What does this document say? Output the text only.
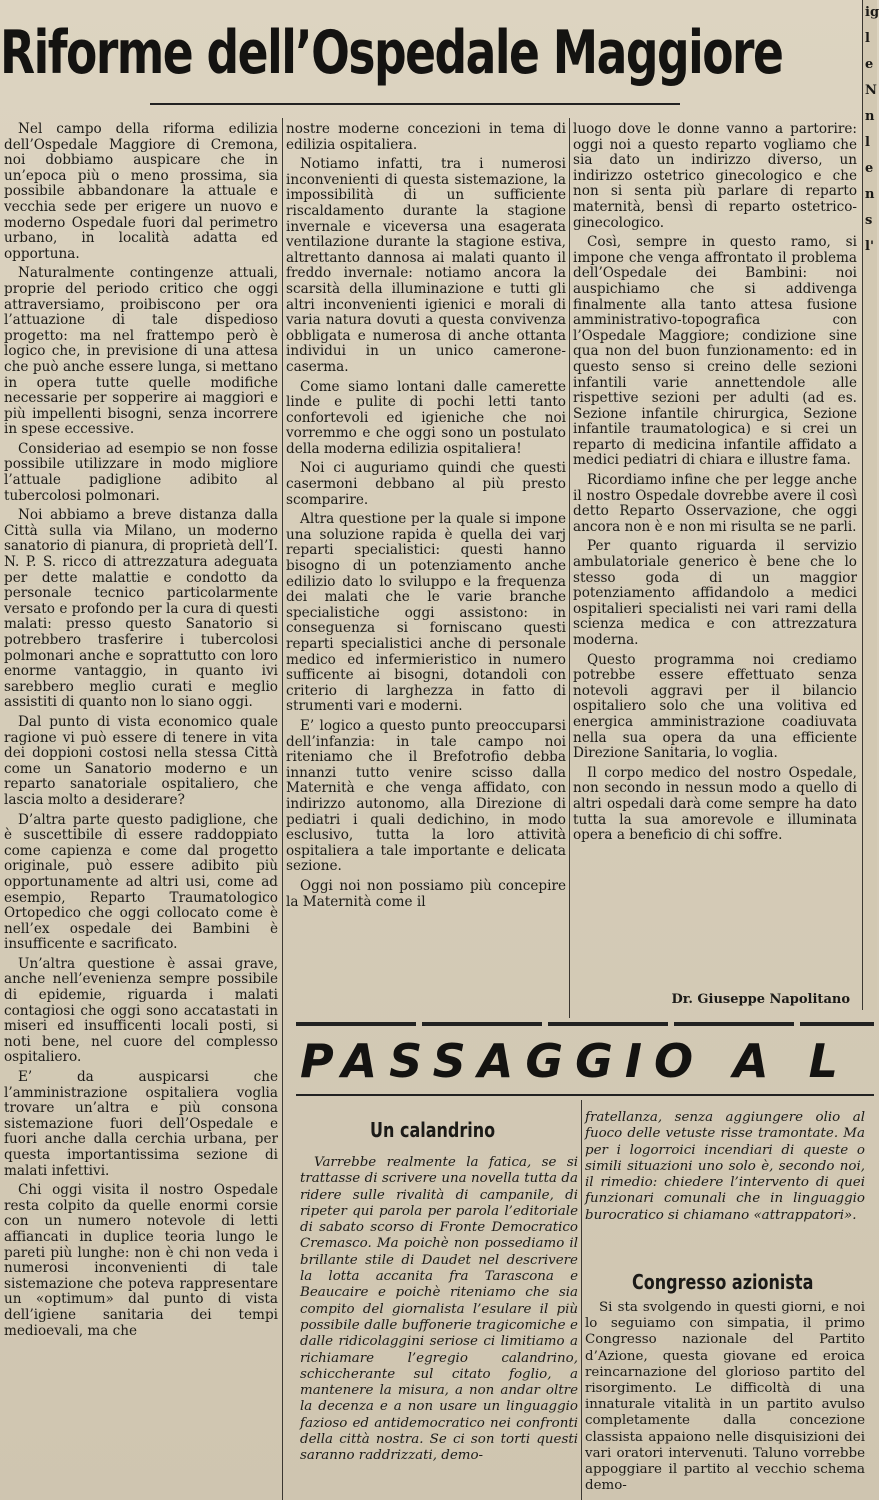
Riforme dell’Ospedale Maggiore

Nel campo della riforma edilizia dell’Ospedale Maggiore di Cremona, noi dobbiamo auspicare che in un’epoca più o meno prossima, sia possibile abbandonare la attuale e vecchia sede per erigere un nuovo e moderno Ospedale fuori dal perimetro urbano, in località adatta ed opportuna.

Naturalmente contingenze attuali, proprie del periodo critico che oggi attraversiamo, proibiscono per ora l’attuazione di tale dispedioso progetto: ma nel frattempo però è logico che, in previsione di una attesa che può anche essere lunga, si mettano in opera tutte quelle modifiche necessarie per sopperire ai maggiori e più impellenti bisogni, senza incorrere in spese eccessive.

Consideriao ad esempio se non fosse possibile utilizzare in modo migliore l’attuale padiglione adibito al tubercolosi polmonari.

Noi abbiamo a breve distanza dalla Città sulla via Milano, un moderno sanatorio di pianura, di proprietà dell’I. N. P. S. ricco di attrezzatura adeguata per dette malattie e condotto da personale tecnico particolarmente versato e profondo per la cura di questi malati: presso questo Sanatorio si potrebbero trasferire i tubercolosi polmonari anche e soprattutto con loro enorme vantaggio, in quanto ivi sarebbero meglio curati e meglio assistiti di quanto non lo siano oggi.

Dal punto di vista economico quale ragione vi può essere di tenere in vita dei doppioni costosi nella stessa Città come un Sanatorio moderno e un reparto sanatoriale ospitaliero, che lascia molto a desiderare?

D’altra parte questo padiglione, che è suscettibile di essere raddoppiato come capienza e come dal progetto originale, può essere adibito più opportunamente ad altri usi, come ad esempio, Reparto Traumatologico Ortopedico che oggi collocato come è nell’ex ospedale dei Bambini è insufficente e sacrificato.

Un’altra questione è assai grave, anche nell’evenienza sempre possibile di epidemie, riguarda i malati contagiosi che oggi sono accatastati in miseri ed insufficenti locali posti, si noti bene, nel cuore del complesso ospitaliero.

E’ da auspicarsi che l’amministrazione ospitaliera voglia trovare un’altra e più consona sistemazione fuori dell’Ospedale e fuori anche dalla cerchia urbana, per questa importantissima sezione di malati infettivi.

Chi oggi visita il nostro Ospedale resta colpito da quelle enormi corsie con un numero notevole di letti affiancati in duplice teoria lungo le pareti più lunghe: non è chi non veda i numerosi inconvenienti di tale sistemazione che poteva rappresentare un «optimum» dal punto di vista dell’igiene sanitaria dei tempi medioevali, ma che

nostre moderne concezioni in tema di edilizia ospitaliera.

Notiamo infatti, tra i numerosi inconvenienti di questa sistemazione, la impossibilità di un sufficiente riscaldamento durante la stagione invernale e viceversa una esagerata ventilazione durante la stagione estiva, altrettanto dannosa ai malati quanto il freddo invernale: notiamo ancora la scarsità della illuminazione e tutti gli altri inconvenienti igienici e morali di varia natura dovuti a questa convivenza obbligata e numerosa di anche ottanta individui in un unico camerone-caserma.

Come siamo lontani dalle camerette linde e pulite di pochi letti tanto confortevoli ed igieniche che noi vorremmo e che oggi sono un postulato della moderna edilizia ospitaliera!

Noi ci auguriamo quindi che questi casermoni debbano al più presto scomparire.

Altra questione per la quale si impone una soluzione rapida è quella dei varj reparti specialistici: questi hanno bisogno di un potenziamento anche edilizio dato lo sviluppo e la frequenza dei malati che le varie branche specialistiche oggi assistono: in conseguenza si forniscano questi reparti specialistici anche di personale medico ed infermieristico in numero sufficente ai bisogni, dotandoli con criterio di larghezza in fatto di strumenti vari e moderni.

E’ logico a questo punto preoccuparsi dell’infanzia: in tale campo noi riteniamo che il Brefotrofio debba innanzi tutto venire scisso dalla Maternità e che venga affidato, con indirizzo autonomo, alla Direzione di pediatri i quali dedichino, in modo esclusivo, tutta la loro attività ospitaliera a tale importante e delicata sezione.

Oggi noi non possiamo più concepire la Maternità come il

luogo dove le donne vanno a partorire: oggi noi a questo reparto vogliamo che sia dato un indirizzo diverso, un indirizzo ostetrico ginecologico e che non si senta più parlare di reparto maternità, bensì di reparto ostetrico-ginecologico.

Così, sempre in questo ramo, si impone che venga affrontato il problema dell’Ospedale dei Bambini: noi auspichiamo che si addivenga finalmente alla tanto attesa fusione amministrativo-topografica con l’Ospedale Maggiore; condizione sine qua non del buon funzionamento: ed in questo senso si creino delle sezioni infantili varie annettendole alle rispettive sezioni per adulti (ad es. Sezione infantile chirurgica, Sezione infantile traumatologica) e si crei un reparto di medicina infantile affidato a medici pediatri di chiara e illustre fama.

Ricordiamo infine che per legge anche il nostro Ospedale dovrebbe avere il così detto Reparto Osservazione, che oggi ancora non è e non mi risulta se ne parli.

Per quanto riguarda il servizio ambulatoriale generico è bene che lo stesso goda di un maggior potenziamento affidandolo a medici ospitalieri specialisti nei vari rami della scienza medica e con attrezzatura moderna.

Questo programma noi crediamo potrebbe essere effettuato senza notevoli aggravi per il bilancio ospitaliero solo che una volitiva ed energica amministrazione coadiuvata nella sua opera da una efficiente Direzione Sanitaria, lo voglia.

Il corpo medico del nostro Ospedale, non secondo in nessun modo a quello di altri ospedali darà come sempre ha dato tutta la sua amorevole e illuminata opera a beneficio di chi soffre.

Dr. Giuseppe Napolitano
ig l e N n l e n s l'
PASSAGGIO A L
Un calandrino

Varrebbe realmente la fatica, se si trattasse di scrivere una novella tutta da ridere sulle rivalità di campanile, di ripeter qui parola per parola l’editoriale di sabato scorso di Fronte Democratico Cremasco. Ma poichè non possediamo il brillante stile di Daudet nel descrivere la lotta accanita fra Tarascona e Beaucaire e poichè riteniamo che sia compito del giornalista l’esulare il più possibile dalle buffonerie tragicomiche e dalle ridicolaggini seriose ci limitiamo a richiamare l’egregio calandrino, schiccherante sul citato foglio, a mantenere la misura, a non andar oltre la decenza e a non usare un linguaggio fazioso ed antidemocratico nei confronti della città nostra. Se ci son torti questi saranno raddrizzati, demo-

fratellanza, senza aggiungere olio al fuoco delle vetuste risse tramontate. Ma per i logorroici incendiari di queste o simili situazioni uno solo è, secondo noi, il rimedio: chiedere l’intervento di quei funzionari comunali che in linguaggio burocratico si chiamano «attrappatori».

Congresso azionista

Si sta svolgendo in questi giorni, e noi lo seguiamo con simpatia, il primo Congresso nazionale del Partito d’Azione, questa giovane ed eroica reincarnazione del glorioso partito del risorgimento. Le difficoltà di una innaturale vitalità in un partito avulso completamente dalla concezione classista appaiono nelle disquisizioni dei vari oratori intervenuti. Taluno vorrebbe appoggiare il partito al vecchio schema demo-
